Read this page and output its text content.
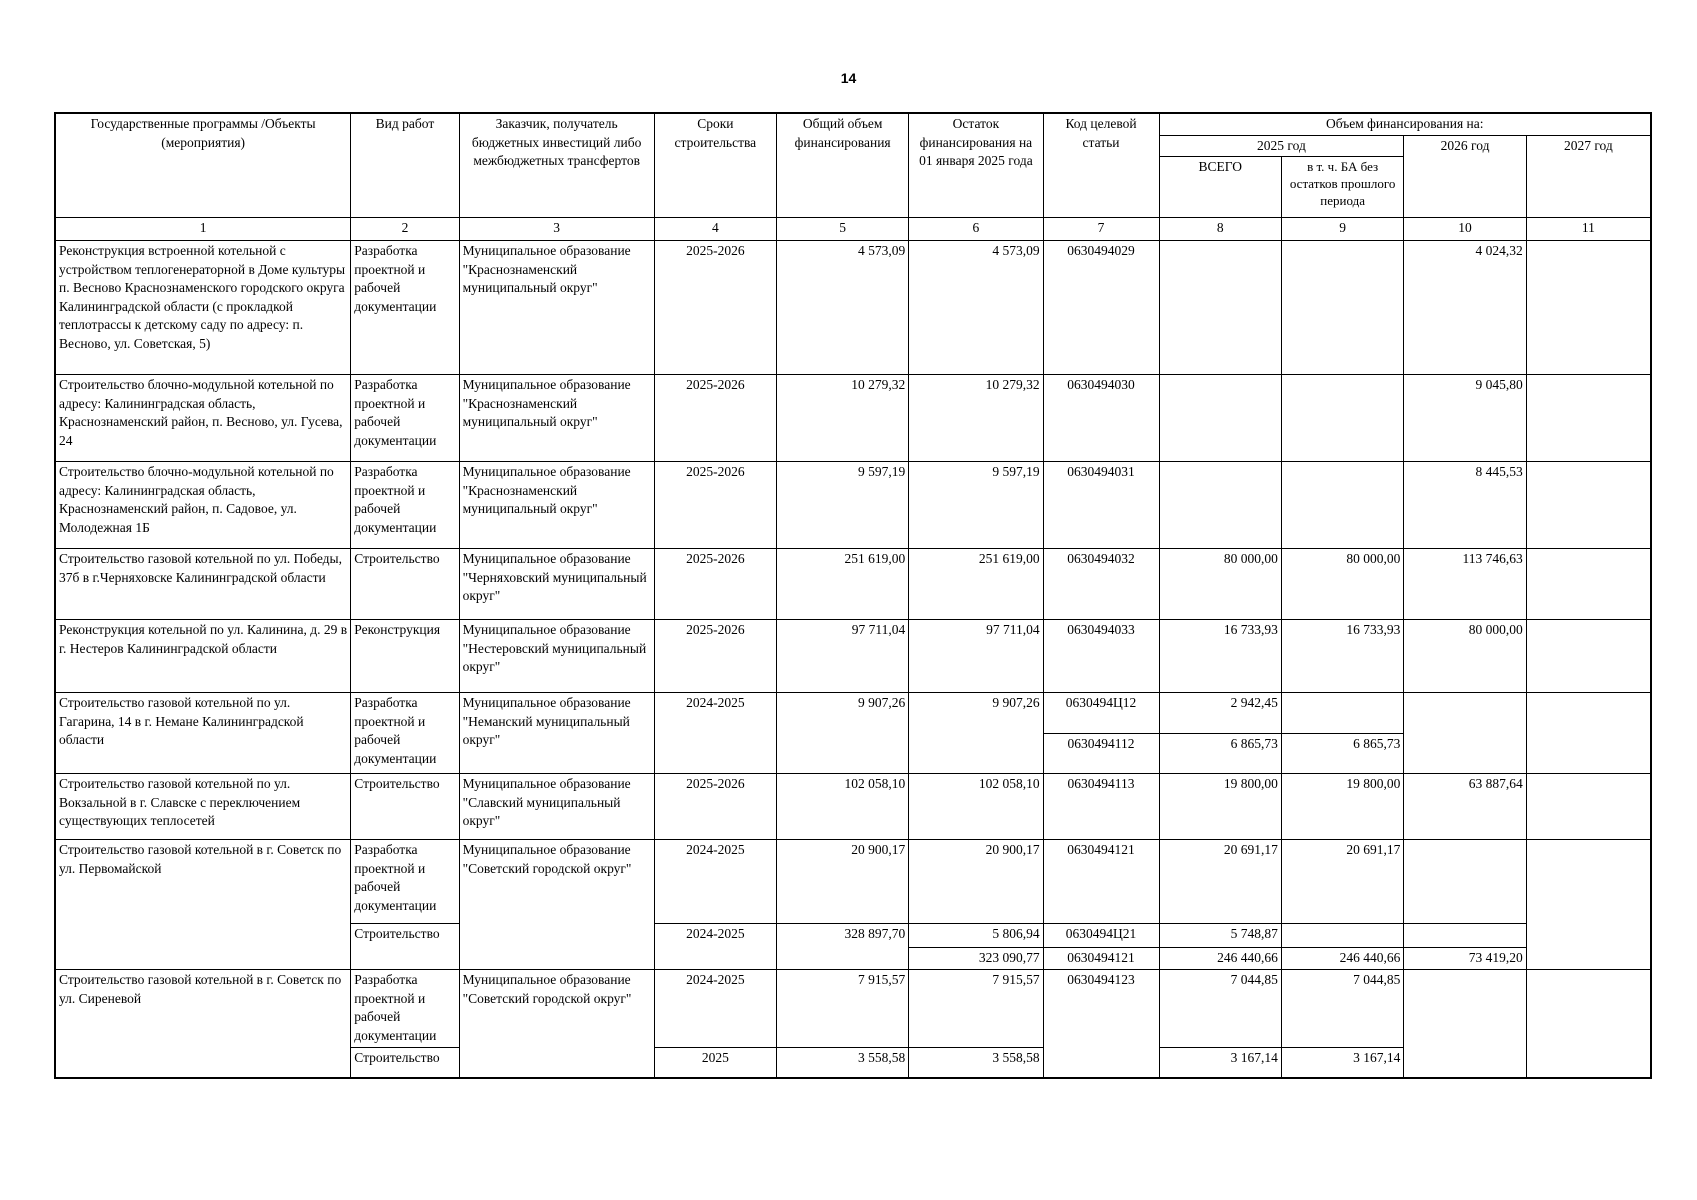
14
Государственные программы /Объекты (мероприятия)	Вид работ	Заказчик, получатель бюджетных инвестиций либо межбюджетных трансфертов	Сроки строительства	Общий объем финансирования	Остаток финансирования на 01 января 2025 года	Код целевой статьи	Объем финансирования на:			
							2025 год		2026 год	2027 год
							ВСЕГО	в т. ч. БА без остатков прошлого периода		
1	2	3	4	5	6	7	8	9	10	11
Реконструкция встроенной котельной с устройством теплогенераторной в Доме культуры п. Весново Краснознаменского городского округа Калининградской области (с прокладкой теплотрассы к детскому саду по адресу: п. Весново, ул. Советская, 5)	Разработка проектной и рабочей документации	Муниципальное образование "Краснознаменский муниципальный округ"	2025-2026	4 573,09	4 573,09	0630494029			4 024,32	
Строительство блочно-модульной котельной по адресу: Калининградская область, Краснознаменский район, п. Весново, ул. Гусева, 24	Разработка проектной и рабочей документации	Муниципальное образование "Краснознаменский муниципальный округ"	2025-2026	10 279,32	10 279,32	0630494030			9 045,80	
Строительство блочно-модульной котельной по адресу: Калининградская область, Краснознаменский район, п. Садовое, ул. Молодежная 1Б	Разработка проектной и рабочей документации	Муниципальное образование "Краснознаменский муниципальный округ"	2025-2026	9 597,19	9 597,19	0630494031			8 445,53	
Строительство газовой котельной по ул. Победы, 37б в г.Черняховске Калининградской области	Строительство	Муниципальное образование "Черняховский муниципальный округ"	2025-2026	251 619,00	251 619,00	0630494032	80 000,00	80 000,00	113 746,63	
Реконструкция котельной по ул. Калинина, д. 29 в г. Нестеров Калининградской области	Реконструкция	Муниципальное образование "Нестеровский муниципальный округ"	2025-2026	97 711,04	97 711,04	0630494033	16 733,93	16 733,93	80 000,00	
Строительство газовой котельной по ул. Гагарина, 14 в г. Немане Калининградской области	Разработка проектной и рабочей документации	Муниципальное образование "Неманский муниципальный округ"	2024-2025	9 907,26	9 907,26	0630494Ц12	2 942,45			
						0630494112	6 865,73	6 865,73		
Строительство газовой котельной по ул. Вокзальной в г. Славске с переключением существующих теплосетей	Строительство	Муниципальное образование "Славский муниципальный округ"	2025-2026	102 058,10	102 058,10	0630494113	19 800,00	19 800,00	63 887,64	
Строительство газовой котельной в г. Советск по ул. Первомайской	Разработка проектной и рабочей документации	Муниципальное образование "Советский городской округ"	2024-2025	20 900,17	20 900,17	0630494121	20 691,17	20 691,17		
	Строительство		2024-2025	328 897,70	5 806,94	0630494Ц21	5 748,87			
					323 090,77	0630494121	246 440,66	246 440,66	73 419,20	
Строительство газовой котельной в г. Советск по ул. Сиреневой	Разработка проектной и рабочей документации	Муниципальное образование "Советский городской округ"	2024-2025	7 915,57	7 915,57	0630494123	7 044,85	7 044,85		
	Строительство		2025	3 558,58	3 558,58		3 167,14	3 167,14		
